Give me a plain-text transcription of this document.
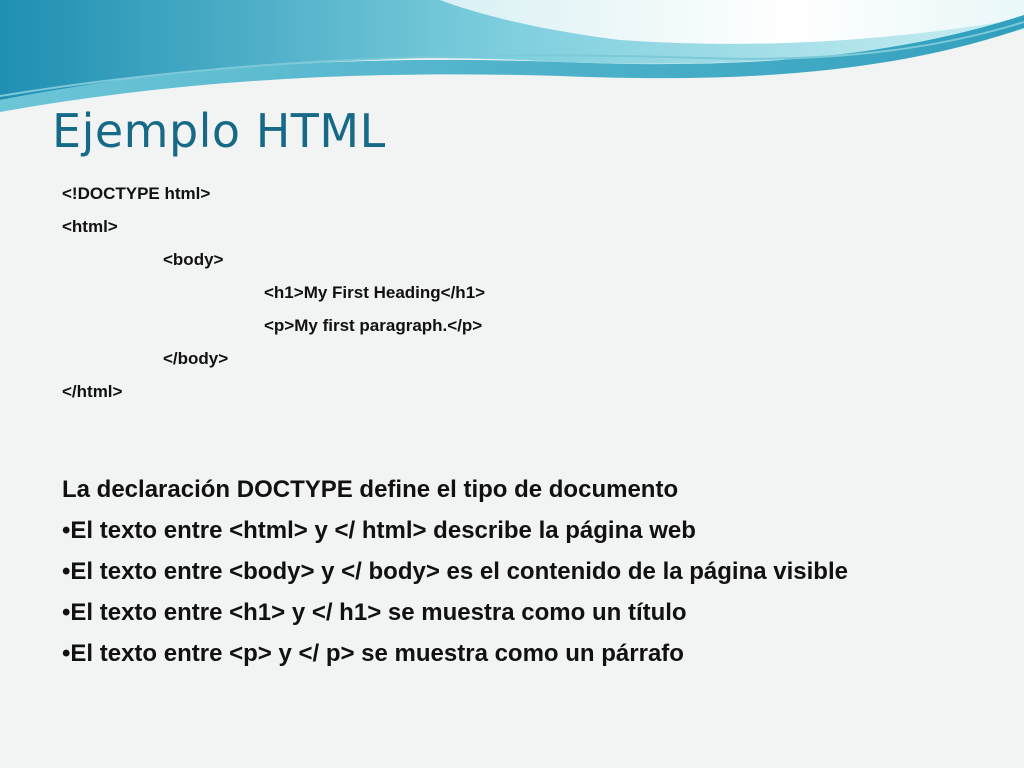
Ejemplo HTML
<!DOCTYPE html>
<html>
<body>
<h1>My First Heading</h1>
<p>My first paragraph.</p>
</body>
</html>
La declaración DOCTYPE define el tipo de documento
•El texto entre <html> y </ html> describe la página web
•El texto entre <body> y </ body> es el contenido de la página visible
•El texto entre <h1> y </ h1> se muestra como un título
•El texto entre <p> y </ p> se muestra como un párrafo
